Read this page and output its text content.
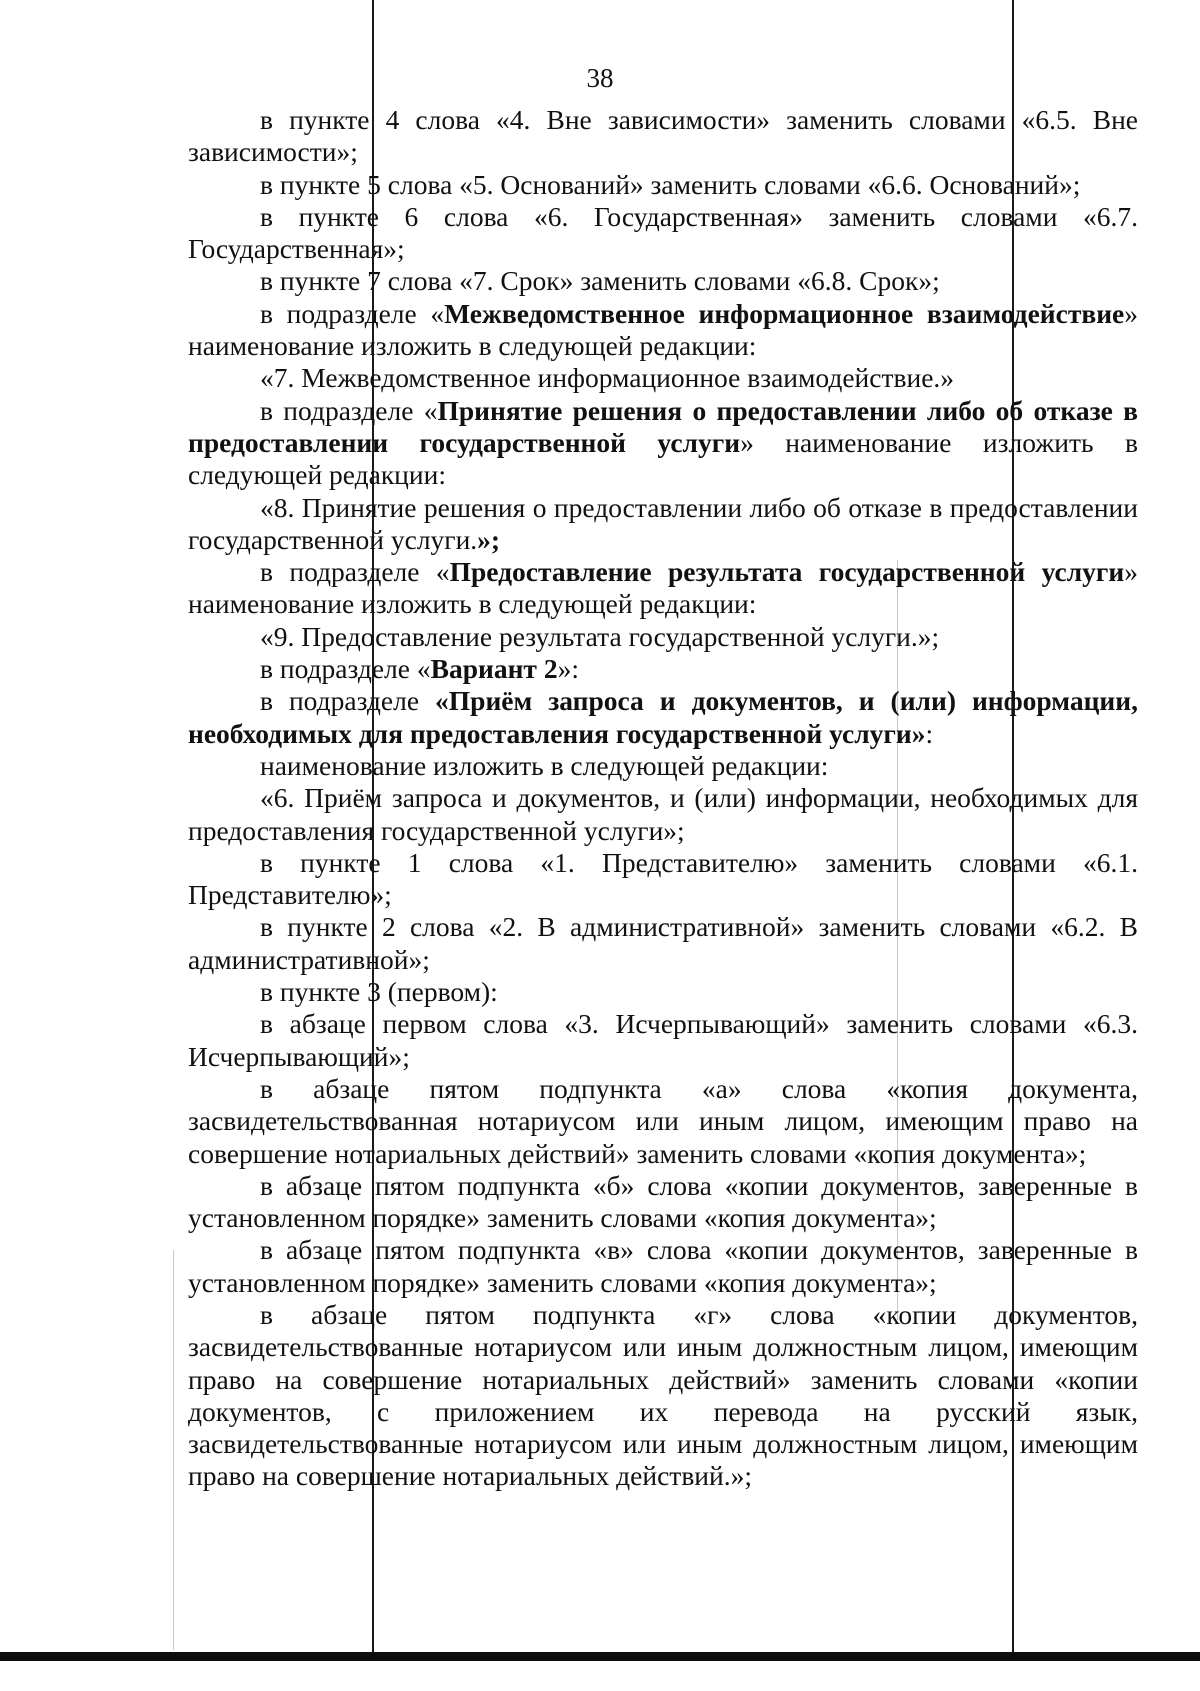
38

в пункте 4 слова «4. Вне зависимости» заменить словами «6.5. Вне зависимости»;

в пункте 5 слова «5. Оснований» заменить словами «6.6. Оснований»;

в пункте 6 слова «6. Государственная» заменить словами «6.7. Государственная»;

в пункте 7 слова «7. Срок» заменить словами «6.8. Срок»;

в подразделе «Межведомственное информационное взаимодействие» наименование изложить в следующей редакции:

«7. Межведомственное информационное взаимодействие.»

в подразделе «Принятие решения о предоставлении либо об отказе в предоставлении государственной услуги» наименование изложить в следующей редакции:

«8. Принятие решения о предоставлении либо об отказе в предоставлении государственной услуги.»;

в подразделе «Предоставление результата государственной услуги» наименование изложить в следующей редакции:

«9. Предоставление результата государственной услуги.»;

в подразделе «Вариант 2»:

в подразделе «Приём запроса и документов, и (или) информации, необходимых для предоставления государственной услуги»:

наименование изложить в следующей редакции:

«6. Приём запроса и документов, и (или) информации, необходимых для предоставления государственной услуги»;

в пункте 1 слова «1. Представителю» заменить словами «6.1. Представителю»;

в пункте 2 слова «2. В административной» заменить словами «6.2. В административной»;

в пункте 3 (первом):

в абзаце первом слова «3. Исчерпывающий» заменить словами «6.3. Исчерпывающий»;

в абзаце пятом подпункта «а» слова «копия документа, засвидетельствованная нотариусом или иным лицом, имеющим право на совершение нотариальных действий» заменить словами «копия документа»;

в абзаце пятом подпункта «б» слова «копии документов, заверенные в установленном порядке» заменить словами «копия документа»;

в абзаце пятом подпункта «в» слова «копии документов, заверенные в установленном порядке» заменить словами «копия документа»;

в абзаце пятом подпункта «г» слова «копии документов, засвидетельствованные нотариусом или иным должностным лицом, имеющим право на совершение нотариальных действий» заменить словами «копии документов, с приложением их перевода на русский язык, засвидетельствованные нотариусом или иным должностным лицом, имеющим право на совершение нотариальных действий.»;
